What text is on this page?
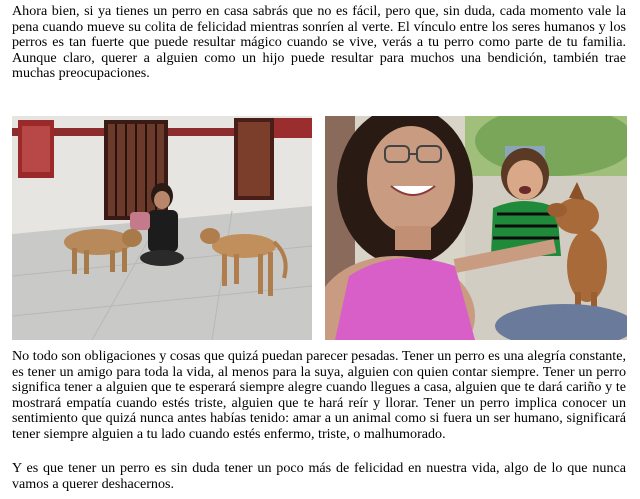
Ahora bien, si ya tienes un perro en casa sabrás que no es fácil, pero que, sin duda, cada momento vale la pena cuando mueve su colita de felicidad mientras sonríen al verte. El vínculo entre los seres humanos y los perros es tan fuerte que puede resultar mágico cuando se vive, verás a tu perro como parte de tu familia. Aunque claro, querer a alguien como un hijo puede resultar para muchos una bendición, también trae muchas preocupaciones.

No todo son obligaciones y cosas que quizá puedan parecer pesadas. Tener un perro es una alegría constante, es tener un amigo para toda la vida, al menos para la suya, alguien con quien contar siempre. Tener un perro significa tener a alguien que te esperará siempre alegre cuando llegues a casa, alguien que te dará cariño y te mostrará empatía cuando estés triste, alguien que te hará reír y llorar. Tener un perro implica conocer un sentimiento que quizá nunca antes habías tenido: amar a un animal como si fuera un ser humano, significará tener siempre alguien a tu lado cuando estés enfermo, triste, o malhumorado.

Y es que tener un perro es sin duda tener un poco más de felicidad en nuestra vida, algo de lo que nunca vamos a querer deshacernos.
